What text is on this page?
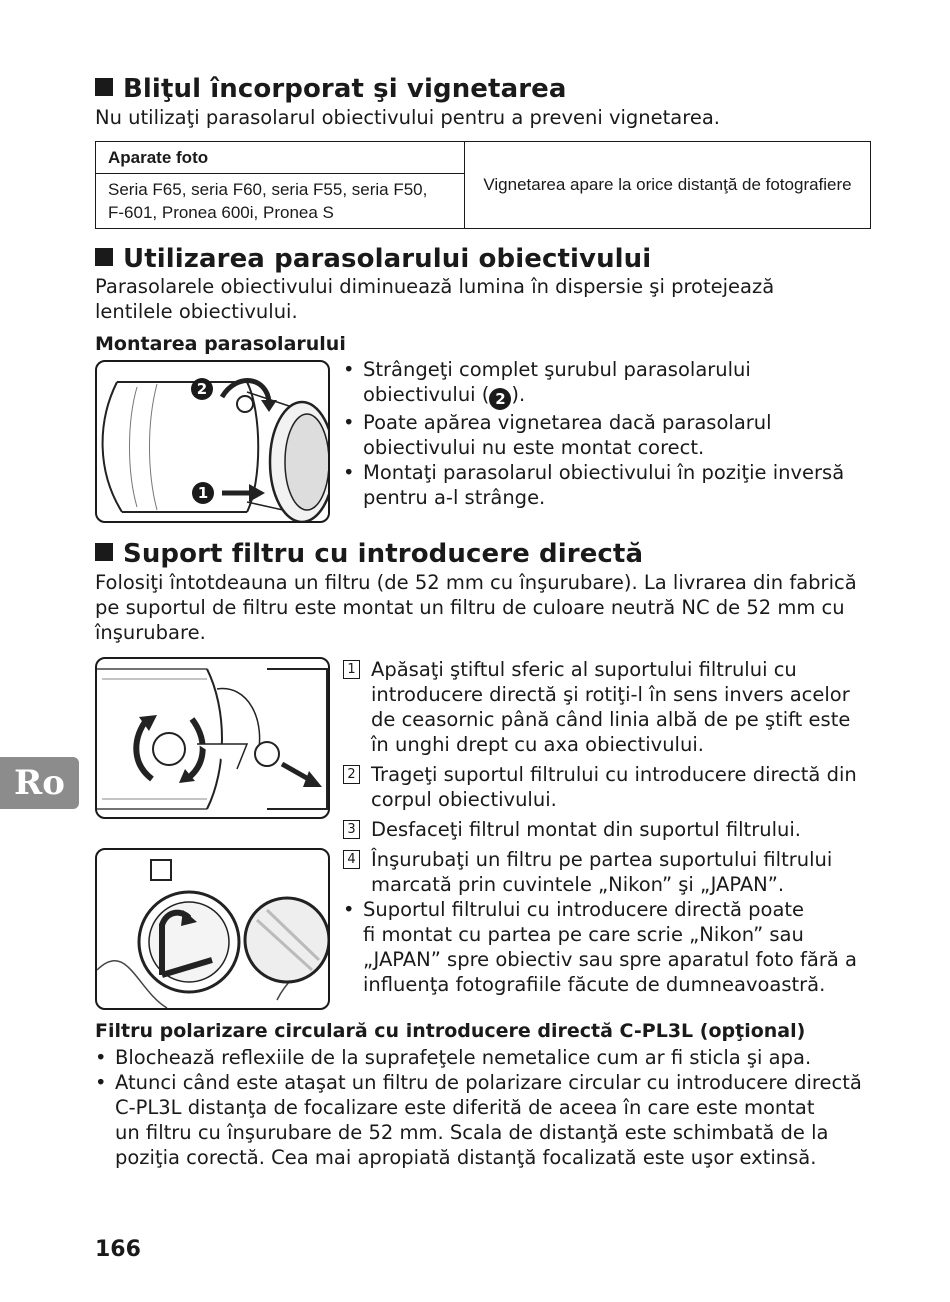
Bliţul încorporat şi vignetarea
Nu utilizaţi parasolarul obiectivului pentru a preveni vignetarea.
Aparate foto	Vignetarea apare la orice distanţă de fotografiere
Seria F65, seria F60, seria F55, seria F50,
F-601, Pronea 600i, Pronea S
Utilizarea parasolarului obiectivului
Parasolarele obiectivului diminuează lumina în dispersie şi protejează
lentilele obiectivului.
Montarea parasolarului
2
1
• Strângeţi complet şurubul parasolarului
obiectivului ( 2 ).
• Poate apărea vignetarea dacă parasolarul
obiectivului nu este montat corect.
• Montaţi parasolarul obiectivului în poziţie inversă
pentru a-l strânge.
Suport filtru cu introducere directă
Folosiţi întotdeauna un filtru (de 52 mm cu înşurubare). La livrarea din fabrică
pe suportul de filtru este montat un filtru de culoare neutră NC de 52 mm cu
înşurubare.
1 Apăsaţi ştiftul sferic al suportului filtrului cu
introducere directă şi rotiţi-l în sens invers acelor
de ceasornic până când linia albă de pe ştift este
în unghi drept cu axa obiectivului.
2 Trageţi suportul filtrului cu introducere directă din
corpul obiectivului.
3 Desfaceţi filtrul montat din suportul filtrului.
4 Înşurubaţi un filtru pe partea suportului filtrului
marcată prin cuvintele „Nikon” şi „JAPAN”.
• Suportul filtrului cu introducere directă poate
fi montat cu partea pe care scrie „Nikon” sau
„JAPAN” spre obiectiv sau spre aparatul foto fără a
influenţa fotografiile făcute de dumneavoastră.
Filtru polarizare circulară cu introducere directă C-PL3L (opţional)
• Blochează reflexiile de la suprafeţele nemetalice cum ar fi sticla şi apa.
• Atunci când este ataşat un filtru de polarizare circular cu introducere directă
C-PL3L distanţa de focalizare este diferită de aceea în care este montat
un filtru cu înşurubare de 52 mm. Scala de distanţă este schimbată de la
poziţia corectă. Cea mai apropiată distanţă focalizată este uşor extinsă.
Ro
166
